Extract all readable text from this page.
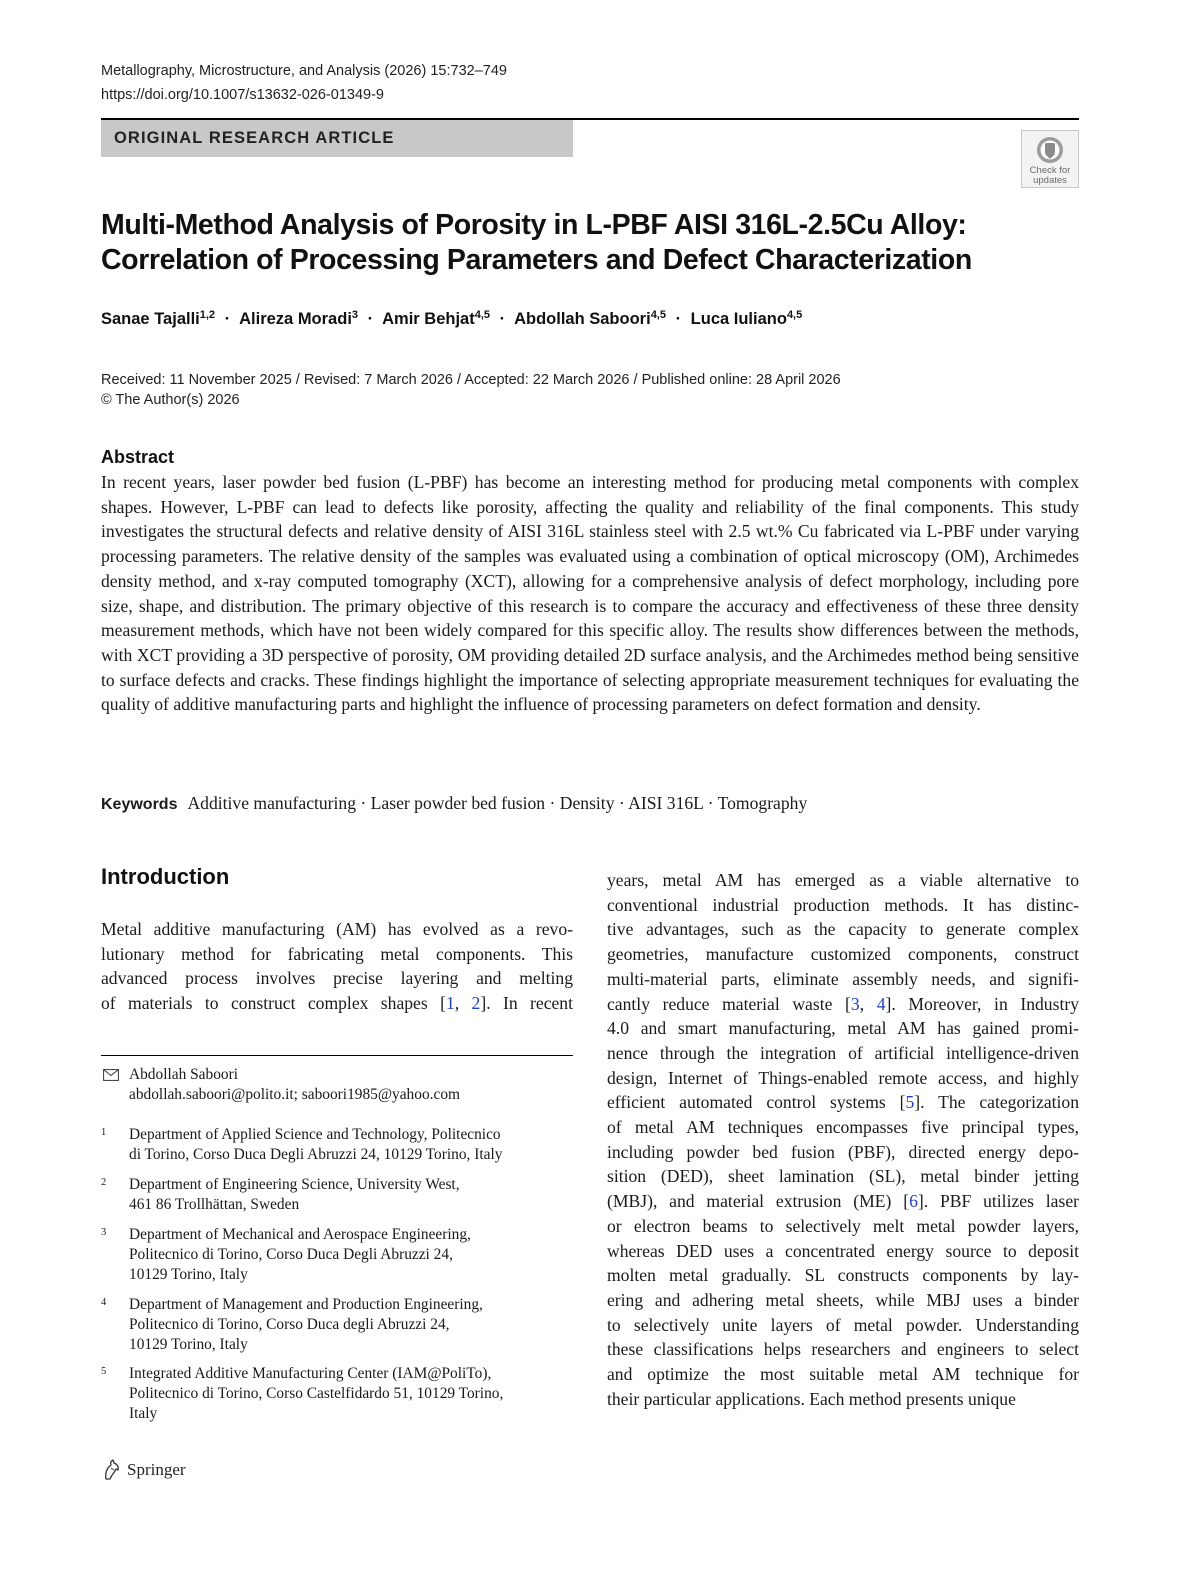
Metallography, Microstructure, and Analysis (2026) 15:732–749
https://doi.org/10.1007/s13632-026-01349-9
ORIGINAL RESEARCH ARTICLE
Check for updates
Multi-Method Analysis of Porosity in L-PBF AISI 316L-2.5Cu Alloy:
Correlation of Processing Parameters and Defect Characterization
Sanae Tajalli$^{1,2}$ · Alireza Moradi$^3$ · Amir Behjat$^{4,5}$ · Abdollah Saboori$^{4,5}$ · Luca Iuliano$^{4,5}$
Received: 11 November 2025 / Revised: 7 March 2026 / Accepted: 22 March 2026 / Published online: 28 April 2026
© The Author(s) 2026
Abstract
In recent years, laser powder bed fusion (L-PBF) has become an interesting method for producing metal components with complex shapes. However, L-PBF can lead to defects like porosity, affecting the quality and reliability of the final components. This study investigates the structural defects and relative density of AISI 316L stainless steel with 2.5 wt.% Cu fabricated via L-PBF under varying processing parameters. The relative density of the samples was evaluated using a combination of optical microscopy (OM), Archimedes density method, and x-ray computed tomography (XCT), allowing for a comprehensive analysis of defect morphology, including pore size, shape, and distribution. The primary objective of this research is to compare the accuracy and effectiveness of these three density measurement methods, which have not been widely compared for this specific alloy. The results show differences between the methods, with XCT providing a 3D perspective of porosity, OM providing detailed 2D surface analysis, and the Archimedes method being sensitive to surface defects and cracks. These findings highlight the importance of selecting appropriate measurement techniques for evaluating the quality of additive manufacturing parts and highlight the influence of processing parameters on defect formation and density.
Keywords Additive manufacturing · Laser powder bed fusion · Density · AISI 316L · Tomography
Introduction
Metal additive manufacturing (AM) has evolved as a revo-
lutionary method for fabricating metal components. This
advanced process involves precise layering and melting
of materials to construct complex shapes [1, 2]. In recent
years, metal AM has emerged as a viable alternative to
conventional industrial production methods. It has distinc-
tive advantages, such as the capacity to generate complex
geometries, manufacture customized components, construct
multi-material parts, eliminate assembly needs, and signifi-
cantly reduce material waste [3, 4]. Moreover, in Industry
4.0 and smart manufacturing, metal AM has gained promi-
nence through the integration of artificial intelligence-driven
design, Internet of Things-enabled remote access, and highly
efficient automated control systems [5]. The categorization
of metal AM techniques encompasses five principal types,
including powder bed fusion (PBF), directed energy depo-
sition (DED), sheet lamination (SL), metal binder jetting
(MBJ), and material extrusion (ME) [6]. PBF utilizes laser
or electron beams to selectively melt metal powder layers,
whereas DED uses a concentrated energy source to deposit
molten metal gradually. SL constructs components by lay-
ering and adhering metal sheets, while MBJ uses a binder
to selectively unite layers of metal powder. Understanding
these classifications helps researchers and engineers to select
and optimize the most suitable metal AM technique for
their particular applications. Each method presents unique
Abdollah Saboori
abdollah.saboori@polito.it; saboori1985@yahoo.com
1 Department of Applied Science and Technology, Politecnico
di Torino, Corso Duca Degli Abruzzi 24, 10129 Torino, Italy
2 Department of Engineering Science, University West,
461 86 Trollhättan, Sweden
3 Department of Mechanical and Aerospace Engineering,
Politecnico di Torino, Corso Duca Degli Abruzzi 24,
10129 Torino, Italy
4 Department of Management and Production Engineering,
Politecnico di Torino, Corso Duca degli Abruzzi 24,
10129 Torino, Italy
5 Integrated Additive Manufacturing Center (IAM@PoliTo),
Politecnico di Torino, Corso Castelfidardo 51, 10129 Torino,
Italy
Springer
